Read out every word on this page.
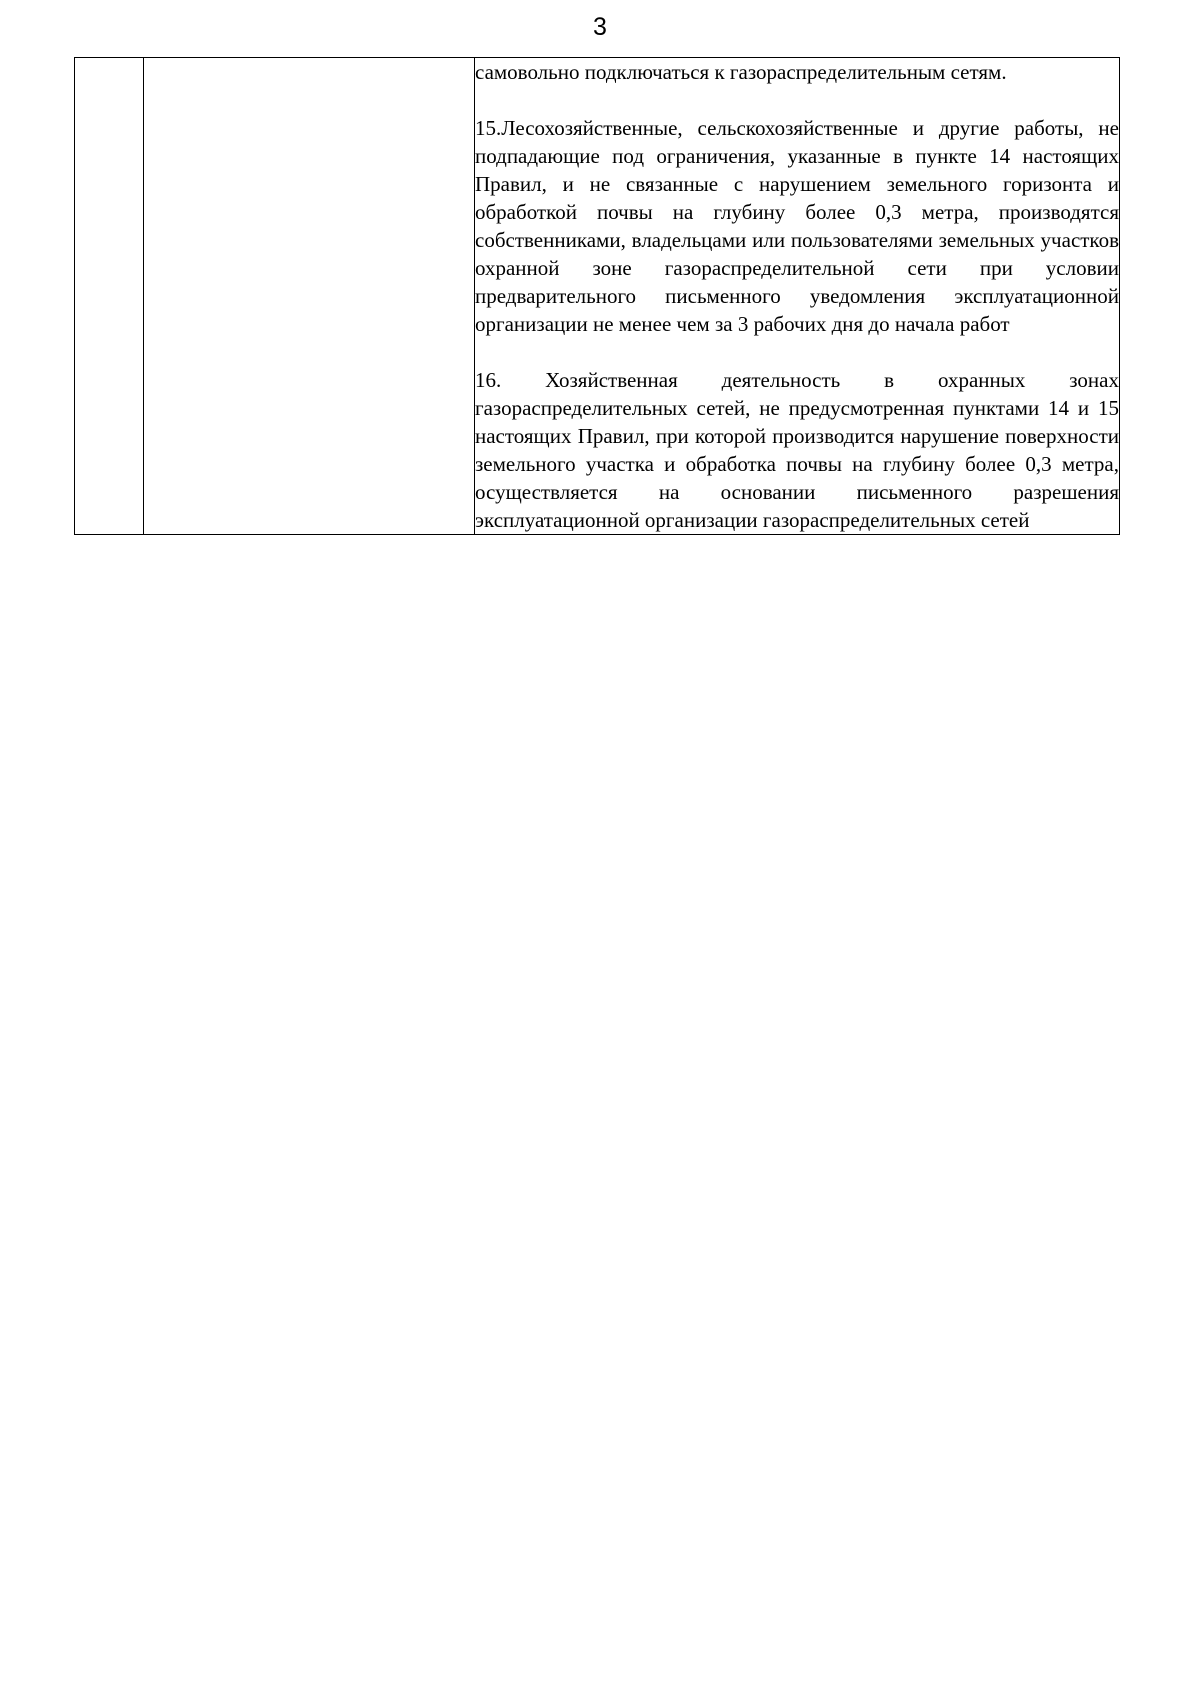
3

самовольно подключаться к газораспределительным сетям.

15.Лесохозяйственные, сельскохозяйственные и другие работы, не подпадающие под ограничения, указанные в пункте 14 настоящих Правил, и не связанные с нарушением земельного горизонта и обработкой почвы на глубину более 0,3 метра, производятся собственниками, владельцами или пользователями земельных участков охранной зоне газораспределительной сети при условии предварительного письменного уведомления эксплуатационной организации не менее чем за 3 рабочих дня до начала работ

16. Хозяйственная деятельность в охранных зонах газораспределительных сетей, не предусмотренная пунктами 14 и 15 настоящих Правил, при которой производится нарушение поверхности земельного участка и обработка почвы на глубину более 0,3 метра, осуществляется на основании письменного разрешения эксплуатационной организации газораспределительных сетей
